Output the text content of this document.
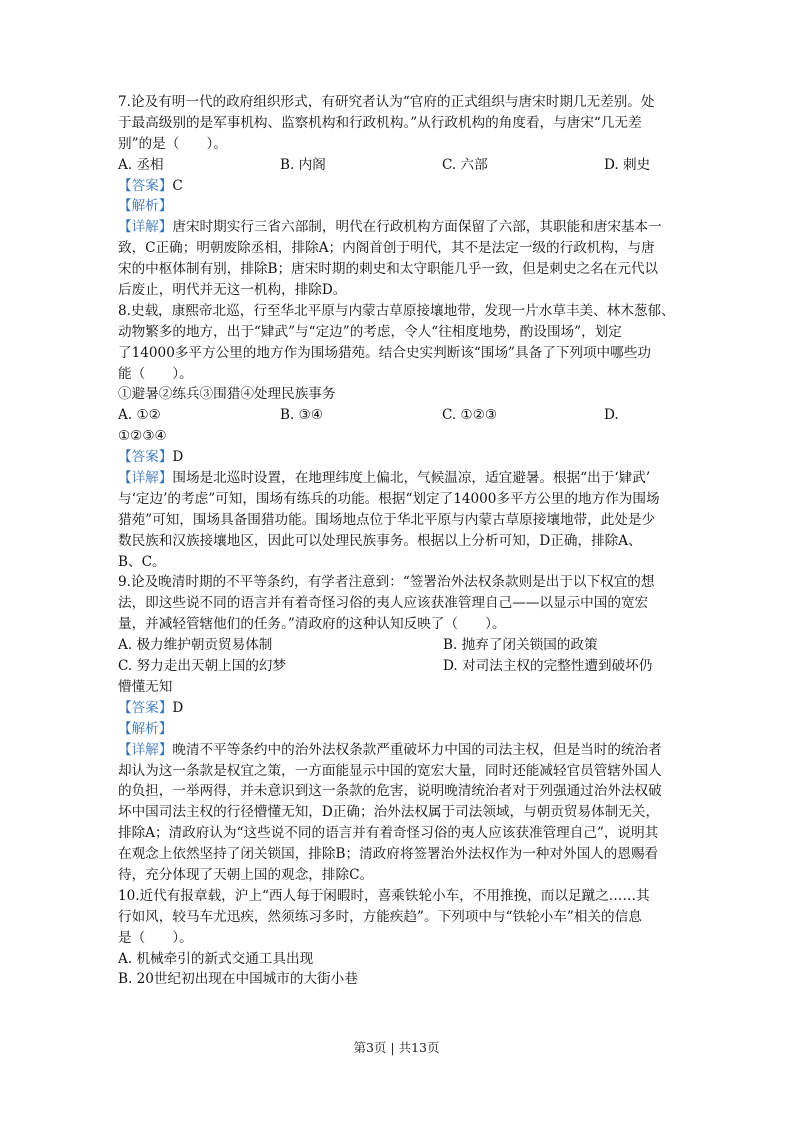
7.论及有明一代的政府组织形式，有研究者认为“官府的正式组织与唐宋时期几无差别。处
于最高级别的是军事机构、监察机构和行政机构。”从行政机构的角度看，与唐宋“几无差
别”的是（　　）。
A. 丞相	B. 内阁	C. 六部	D. 刺史
【答案】C
【解析】
【详解】唐宋时期实行三省六部制，明代在行政机构方面保留了六部，其职能和唐宋基本一
致，C正确；明朝废除丞相，排除A；内阁首创于明代，其不是法定一级的行政机构，与唐
宋的中枢体制有别，排除B；唐宋时期的刺史和太守职能几乎一致，但是刺史之名在元代以
后废止，明代并无这一机构，排除D。
8.史载，康熙帝北巡，行至华北平原与内蒙古草原接壤地带，发现一片水草丰美、林木葱郁、
动物繁多的地方，出于“肄武”与“定边”的考虑，令人“往相度地势，酌设围场”，划定
了14000多平方公里的地方作为围场猎苑。结合史实判断该“围场”具备了下列项中哪些功
能（　　）。
①避暑②练兵③围猎④处理民族事务
A. ①②	B. ③④	C. ①②③	D.
①②③④
【答案】D
【详解】围场是北巡时设置，在地理纬度上偏北，气候温凉，适宜避暑。根据“出于‘肄武’
与‘定边’的考虑”可知，围场有练兵的功能。根据“划定了14000多平方公里的地方作为围场
猎苑”可知，围场具备围猎功能。围场地点位于华北平原与内蒙古草原接壤地带，此处是少
数民族和汉族接壤地区，因此可以处理民族事务。根据以上分析可知，D正确，排除A、
B、C。
9.论及晚清时期的不平等条约，有学者注意到：“签署治外法权条款则是出于以下权宜的想
法，即这些说不同的语言并有着奇怪习俗的夷人应该获准管理自己——以显示中国的宽宏
量，并减轻管辖他们的任务。”清政府的这种认知反映了（　　）。
A. 极力维护朝贡贸易体制	B. 抛弃了闭关锁国的政策
C. 努力走出天朝上国的幻梦	D. 对司法主权的完整性遭到破坏仍
懵懂无知
【答案】D
【解析】
【详解】晚清不平等条约中的治外法权条款严重破坏力中国的司法主权，但是当时的统治者
却认为这一条款是权宜之策，一方面能显示中国的宽宏大量，同时还能减轻官员管辖外国人
的负担，一举两得，并未意识到这一条款的危害，说明晚清统治者对于列强通过治外法权破
坏中国司法主权的行径懵懂无知，D正确；治外法权属于司法领域，与朝贡贸易体制无关，
排除A；清政府认为“这些说不同的语言并有着奇怪习俗的夷人应该获准管理自己”，说明其
在观念上依然坚持了闭关锁国，排除B；清政府将签署治外法权作为一种对外国人的恩赐看
待，充分体现了天朝上国的观念，排除C。
10.近代有报章载，沪上“西人每于闲暇时，喜乘铁轮小车，不用推挽，而以足蹴之……其
行如风，较马车尤迅疾，然须练习多时，方能疾趋”。下列项中与“铁轮小车”相关的信息
是（　　）。
A. 机械牵引的新式交通工具出现
B. 20世纪初出现在中国城市的大街小巷
第3页 | 共13页
